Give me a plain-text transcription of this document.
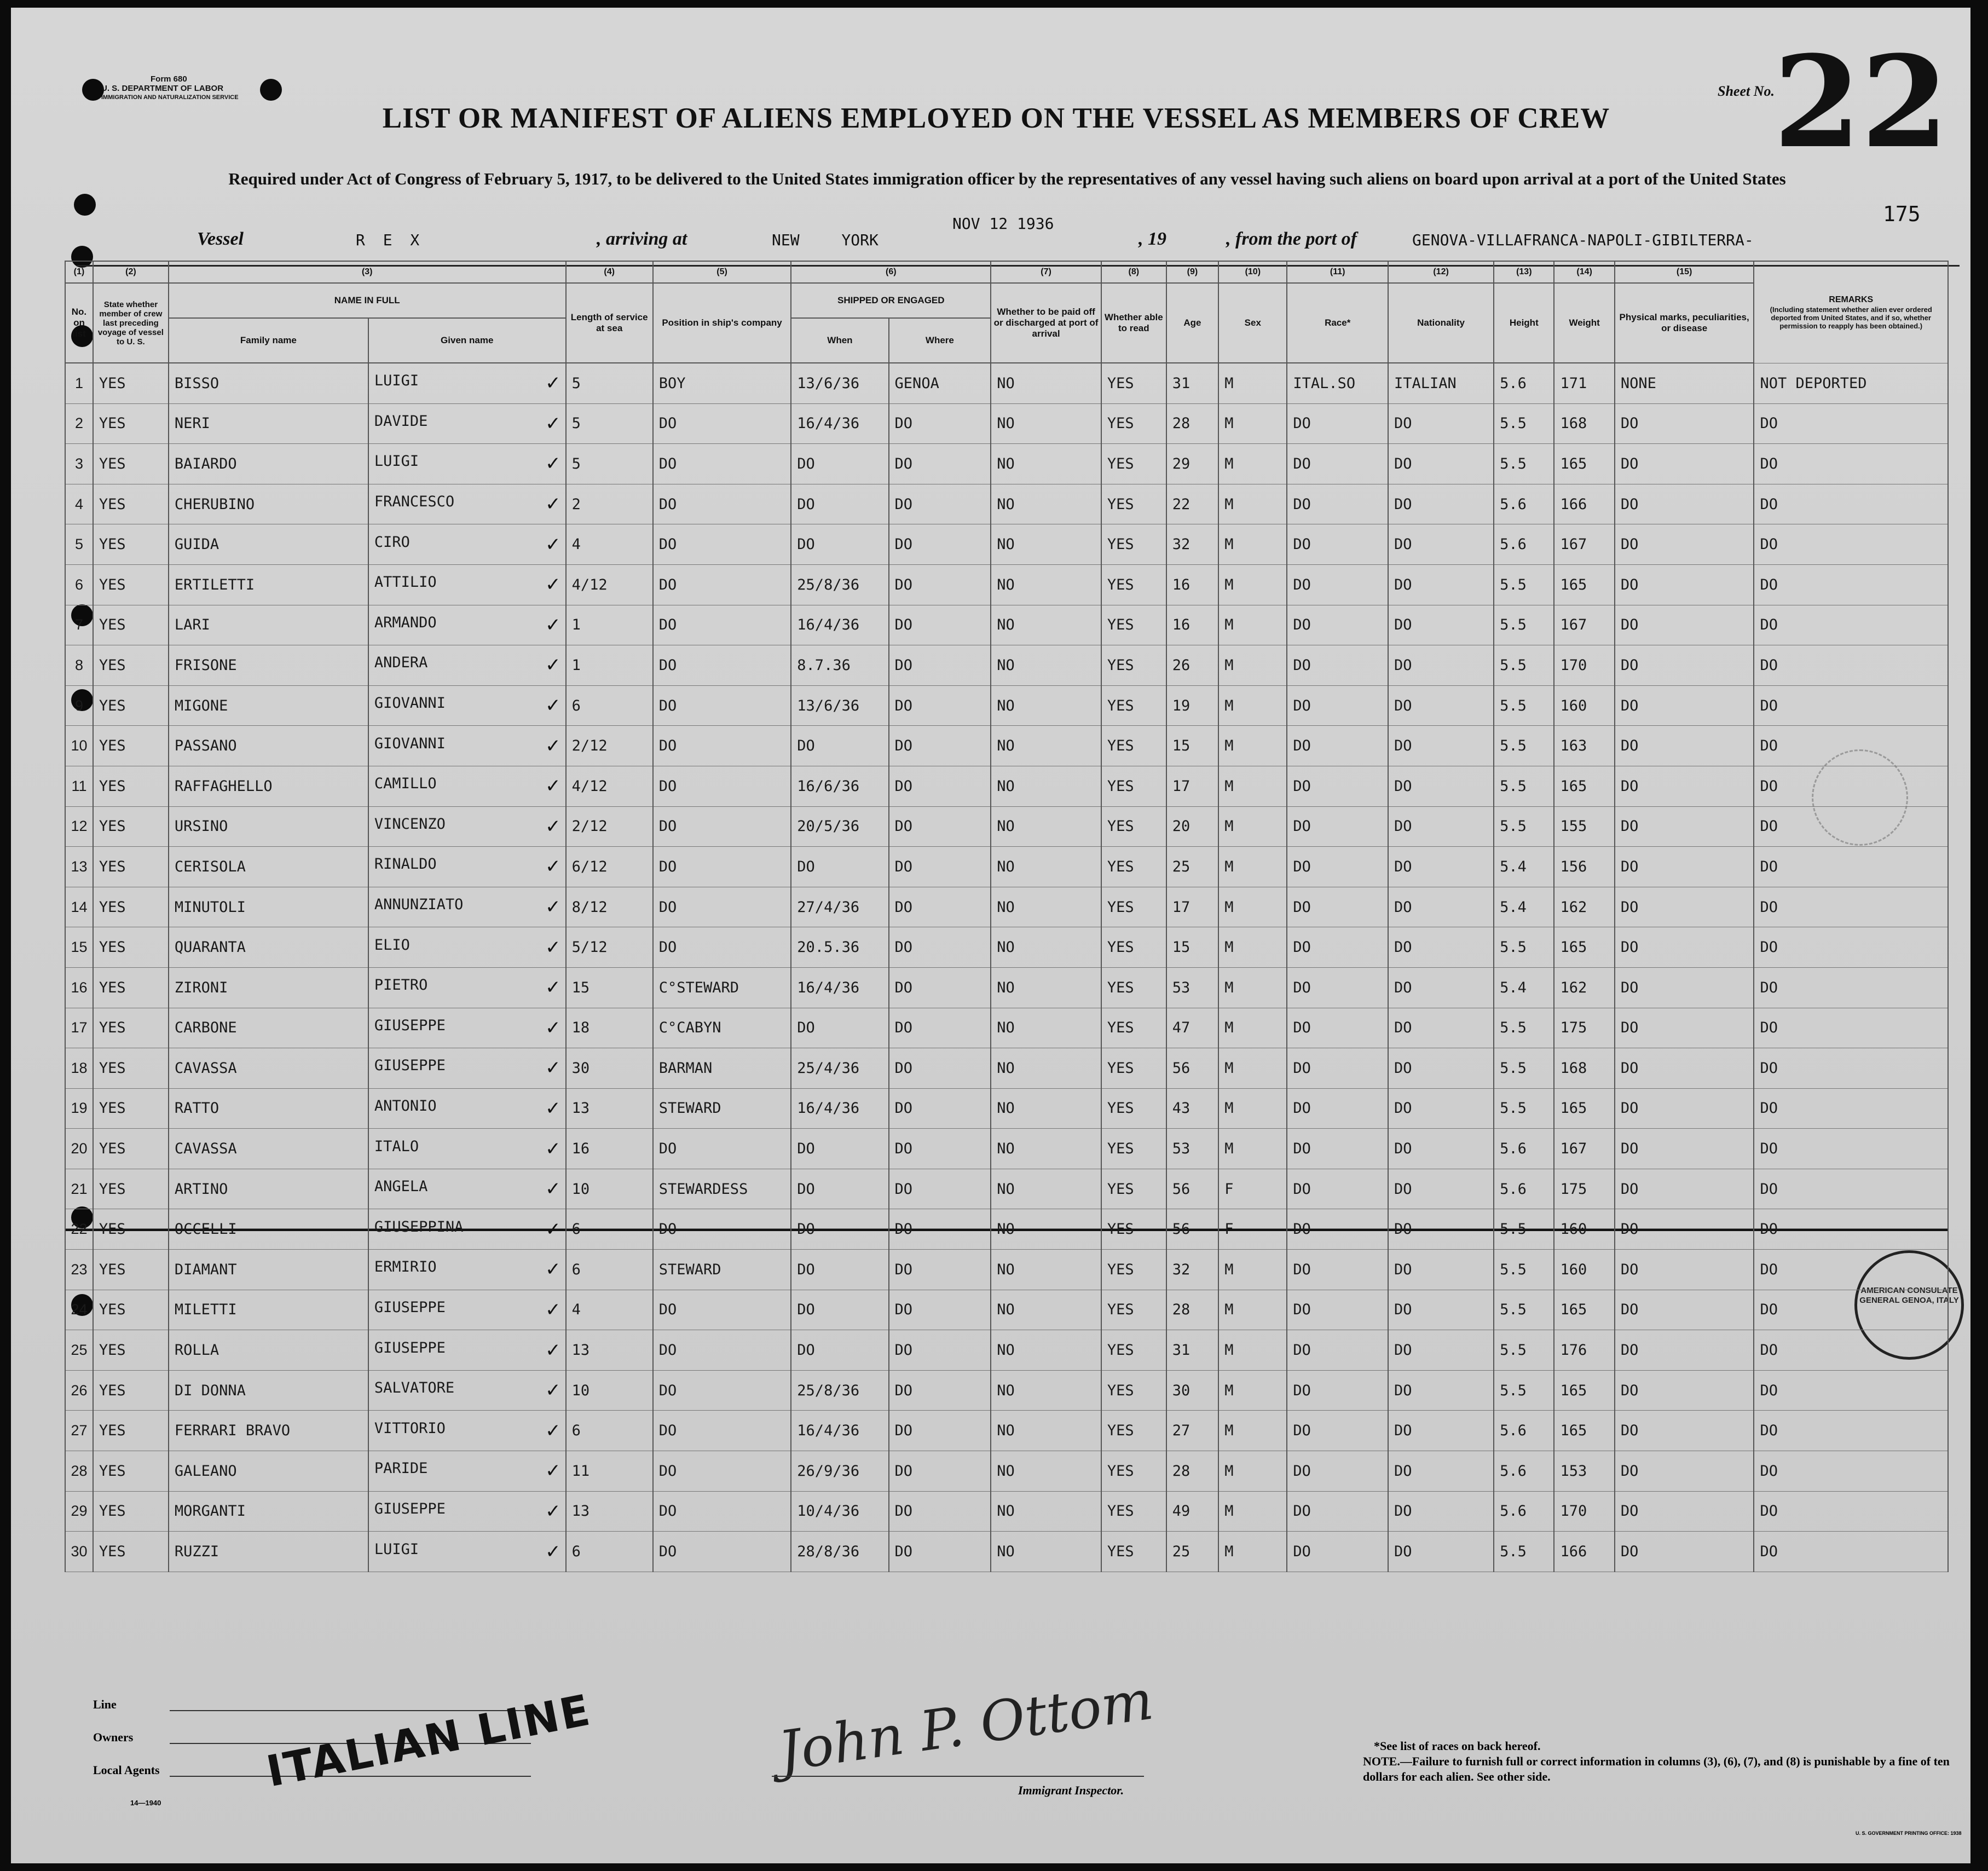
Form 680
U. S. DEPARTMENT OF LABOR
IMMIGRATION AND NATURALIZATION SERVICE
LIST OR MANIFEST OF ALIENS EMPLOYED ON THE VESSEL AS MEMBERS OF CREW
Required under Act of Congress of February 5, 1917, to be delivered to the United States immigration officer by the representatives of any vessel having such aliens on board upon arrival at a port of the United States
Sheet No.
22
175
Vessel	R E X	, arriving at	NEW YORK
NOV 12 1936
, 19	, from the port of	GENOVA-VILLAFRANCA-NAPOLI-GIBILTERRA-
AMERICAN CONSULATE GENERAL GENOA, ITALY
Line
Owners
Local Agents
14—1940
ITALIAN LINE	John P. Ottom
Immigrant Inspector.
*See list of races on back hereof.
NOTE.—Failure to furnish full or correct information in columns (3), (6), (7), and (8) is punishable by a fine of ten dollars for each alien. See other side.
U. S. GOVERNMENT PRINTING OFFICE: 1938
(1)	(2)	(3)		(4)	(5)	(6)		(7)	(8)	(9)	(10)	(11)	(12)	(13)	(14)	(15)	REMARKS
(Including statement whether alien ever ordered deported from United States, and if so, whether permission to reapply has been obtained.)

No. on list	State whether member of crew last preceding voyage of vessel to U. S.	NAME IN FULL		Length of service at sea	Position in ship's company	SHIPPED OR ENGAGED		Whether to be paid off or discharged at port of arrival	Whether able to read	Age	Sex	Race*	Nationality	Height	Weight	Physical marks, peculiarities, or disease	
		Family name	Given name			When	Where										
1	YES	BISSO	LUIGI ✓	5	BOY	13/6/36	GENOA	NO	YES	31	M	ITAL.SO	ITALIAN	5.6	171	NONE	NOT DEPORTED
2	YES	NERI	DAVIDE ✓	5	DO	16/4/36	DO	NO	YES	28	M	DO	DO	5.5	168	DO	DO
3	YES	BAIARDO	LUIGI ✓	5	DO	DO	DO	NO	YES	29	M	DO	DO	5.5	165	DO	DO
4	YES	CHERUBINO	FRANCESCO ✓	2	DO	DO	DO	NO	YES	22	M	DO	DO	5.6	166	DO	DO
5	YES	GUIDA	CIRO ✓	4	DO	DO	DO	NO	YES	32	M	DO	DO	5.6	167	DO	DO
6	YES	ERTILETTI	ATTILIO ✓	4/12	DO	25/8/36	DO	NO	YES	16	M	DO	DO	5.5	165	DO	DO
7	YES	LARI	ARMANDO ✓	1	DO	16/4/36	DO	NO	YES	16	M	DO	DO	5.5	167	DO	DO
8	YES	FRISONE	ANDERA ✓	1	DO	8.7.36	DO	NO	YES	26	M	DO	DO	5.5	170	DO	DO
9	YES	MIGONE	GIOVANNI ✓	6	DO	13/6/36	DO	NO	YES	19	M	DO	DO	5.5	160	DO	DO
10	YES	PASSANO	GIOVANNI ✓	2/12	DO	DO	DO	NO	YES	15	M	DO	DO	5.5	163	DO	DO
11	YES	RAFFAGHELLO	CAMILLO ✓	4/12	DO	16/6/36	DO	NO	YES	17	M	DO	DO	5.5	165	DO	DO
12	YES	URSINO	VINCENZO ✓	2/12	DO	20/5/36	DO	NO	YES	20	M	DO	DO	5.5	155	DO	DO
13	YES	CERISOLA	RINALDO ✓	6/12	DO	DO	DO	NO	YES	25	M	DO	DO	5.4	156	DO	DO
14	YES	MINUTOLI	ANNUNZIATO ✓	8/12	DO	27/4/36	DO	NO	YES	17	M	DO	DO	5.4	162	DO	DO
15	YES	QUARANTA	ELIO ✓	5/12	DO	20.5.36	DO	NO	YES	15	M	DO	DO	5.5	165	DO	DO
16	YES	ZIRONI	PIETRO ✓	15	C°STEWARD	16/4/36	DO	NO	YES	53	M	DO	DO	5.4	162	DO	DO
17	YES	CARBONE	GIUSEPPE ✓	18	C°CABYN	DO	DO	NO	YES	47	M	DO	DO	5.5	175	DO	DO
18	YES	CAVASSA	GIUSEPPE ✓	30	BARMAN	25/4/36	DO	NO	YES	56	M	DO	DO	5.5	168	DO	DO
19	YES	RATTO	ANTONIO ✓	13	STEWARD	16/4/36	DO	NO	YES	43	M	DO	DO	5.5	165	DO	DO
20	YES	CAVASSA	ITALO ✓	16	DO	DO	DO	NO	YES	53	M	DO	DO	5.6	167	DO	DO
21	YES	ARTINO	ANGELA ✓	10	STEWARDESS	DO	DO	NO	YES	56	F	DO	DO	5.6	175	DO	DO
22	YES	OCCELLI	GIUSEPPINA ✓	6	DO	DO	DO	NO	YES	56	F	DO	DO	5.5	160	DO	DO
23	YES	DIAMANT	ERMIRIO ✓	6	STEWARD	DO	DO	NO	YES	32	M	DO	DO	5.5	160	DO	DO
24	YES	MILETTI	GIUSEPPE ✓	4	DO	DO	DO	NO	YES	28	M	DO	DO	5.5	165	DO	DO
25	YES	ROLLA	GIUSEPPE ✓	13	DO	DO	DO	NO	YES	31	M	DO	DO	5.5	176	DO	DO
26	YES	DI DONNA	SALVATORE ✓	10	DO	25/8/36	DO	NO	YES	30	M	DO	DO	5.5	165	DO	DO
27	YES	FERRARI BRAVO	VITTORIO ✓	6	DO	16/4/36	DO	NO	YES	27	M	DO	DO	5.6	165	DO	DO
28	YES	GALEANO	PARIDE ✓	11	DO	26/9/36	DO	NO	YES	28	M	DO	DO	5.6	153	DO	DO
29	YES	MORGANTI	GIUSEPPE ✓	13	DO	10/4/36	DO	NO	YES	49	M	DO	DO	5.6	170	DO	DO
30	YES	RUZZI	LUIGI ✓	6	DO	28/8/36	DO	NO	YES	25	M	DO	DO	5.5	166	DO	DO
